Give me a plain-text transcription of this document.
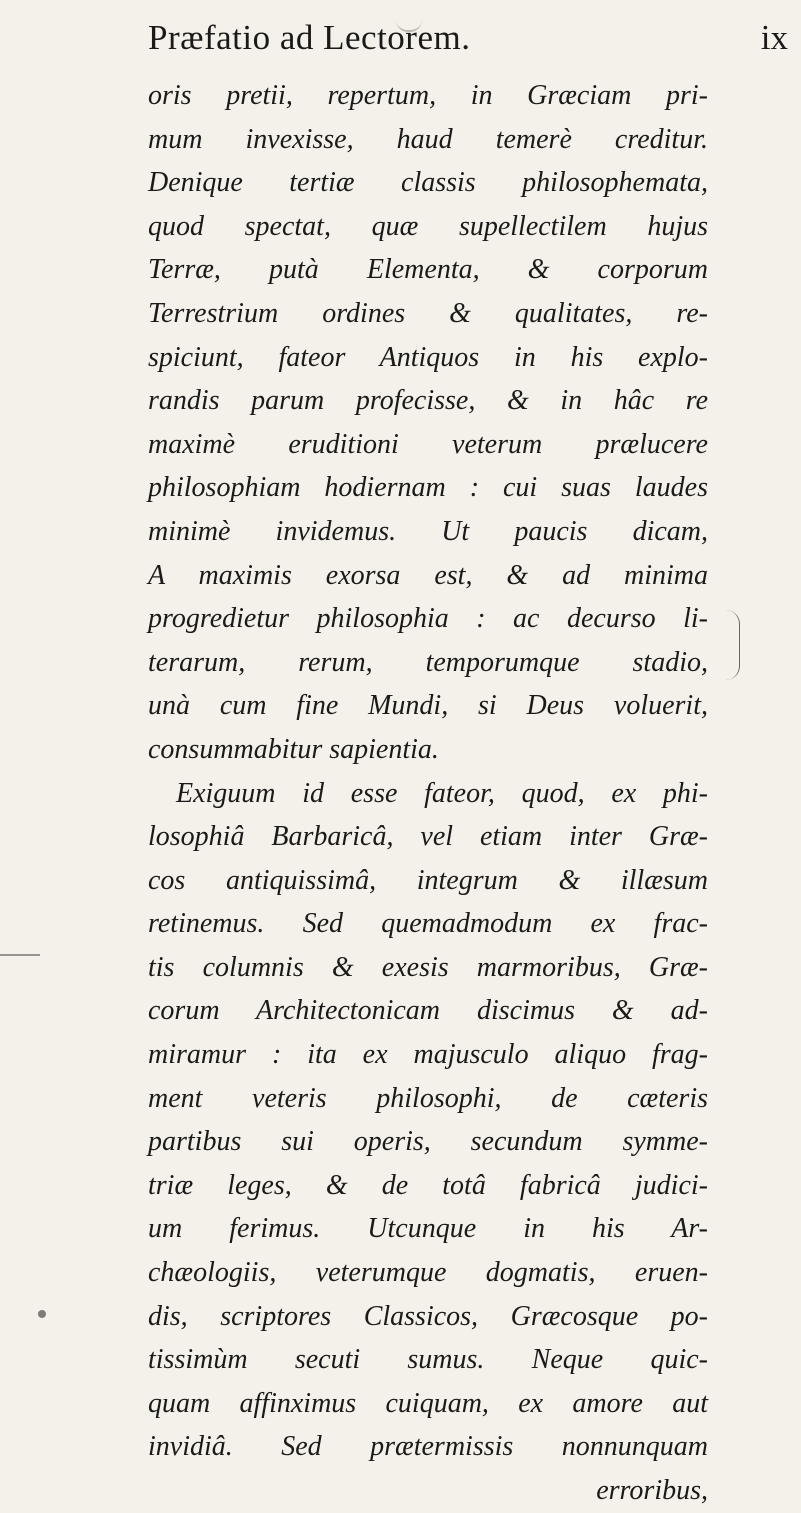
Præfatio ad Lectorem.	ix
oris pretii, repertum, in Græciam pri-
mum invexisse, haud temerè creditur.
Denique tertiæ classis philosophemata,
quod spectat, quæ supellectilem hujus
Terræ, putà Elementa, & corporum
Terrestrium ordines & qualitates, re-
spiciunt, fateor Antiquos in his explo-
randis parum profecisse, & in hâc re
maximè eruditioni veterum prælucere
philosophiam hodiernam : cui suas laudes
minimè invidemus. Ut paucis dicam,
A maximis exorsa est, & ad minima
progredietur philosophia : ac decurso li-
terarum, rerum, temporumque stadio,
unà cum fine Mundi, si Deus voluerit,
consummabitur sapientia.
Exiguum id esse fateor, quod, ex phi-
losophiâ Barbaricâ, vel etiam inter Græ-
cos antiquissimâ, integrum & illæsum
retinemus. Sed quemadmodum ex frac-
tis columnis & exesis marmoribus, Græ-
corum Architectonicam discimus & ad-
miramur : ita ex majusculo aliquo frag-
ment veteris philosophi, de cæteris
partibus sui operis, secundum symme-
triæ leges, & de totâ fabricâ judici-
um ferimus. Utcunque in his Ar-
chæologiis, veterumque dogmatis, eruen-
dis, scriptores Classicos, Græcosque po-
tissimùm secuti sumus. Neque quic-
quam affinximus cuiquam, ex amore aut
invidiâ. Sed prætermissis nonnunquam
erroribus,
